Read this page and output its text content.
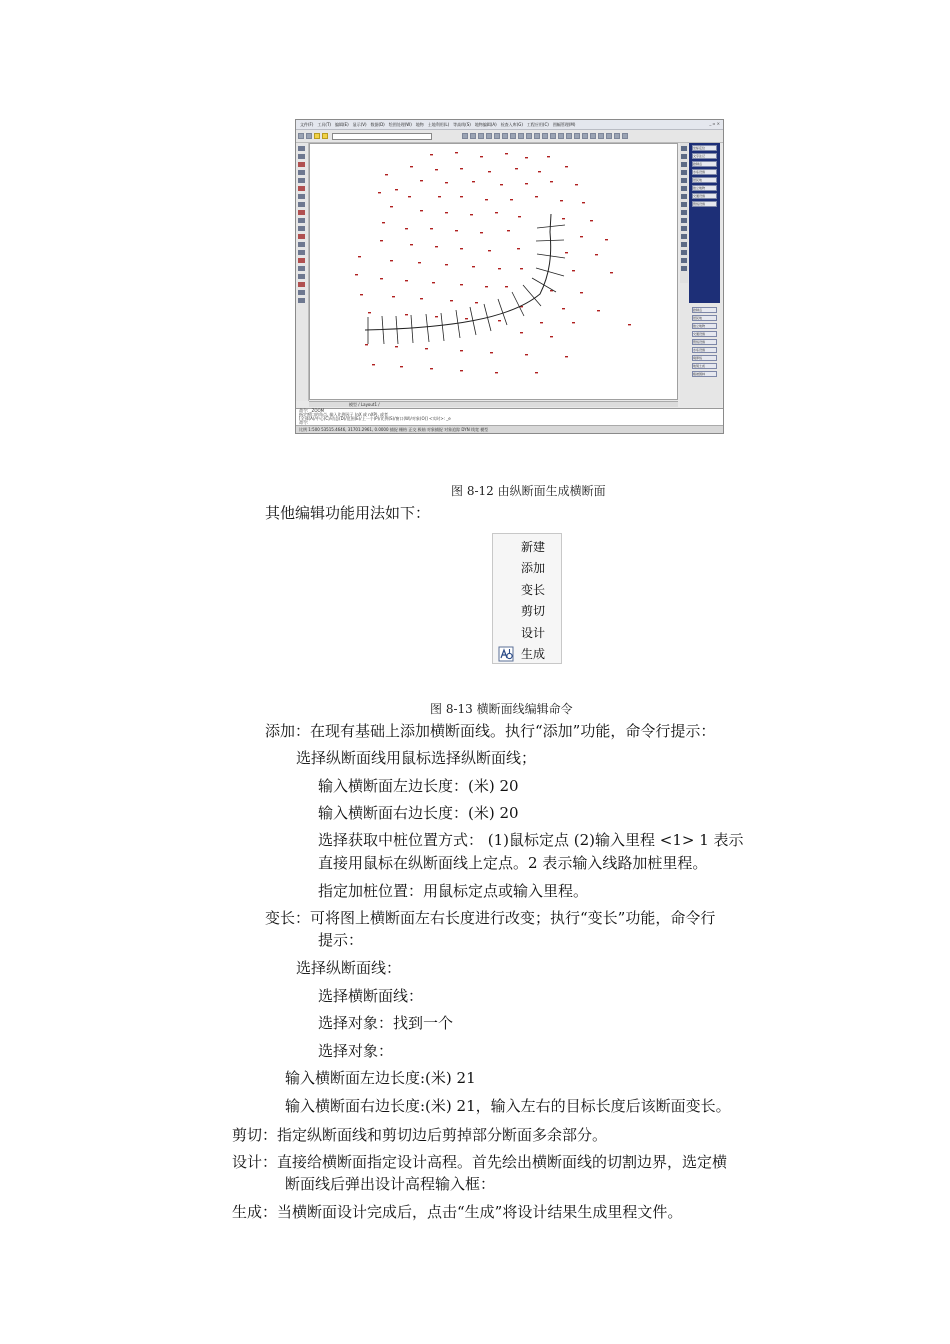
文件(F) 工具(T) 编辑(E) 显示(V) 数据(D) 绘图处理(W) 地物 土地利用(L) 等高线(S) 地物编辑(A) 检查入库(G) 工程应用(C) 图幅管理(M)	_ ▫ ×
模型 / Layout1 /
坐标定位
文字注记
控制点
水系设施
居民地
独立地物
交通设施
管线设施
控制点
居民地
独立地物
交通设施
管线设施
水系设施
境界线
地貌土质
植被园林
命令: _ZOOM
指定窗口的角点, 输入比例因子 (nX 或 nXP), 或者
[全部(A)/中心(C)/动态(D)/范围(E)/上一个(P)/比例(S)/窗口(W)/对象(O)] <实时>: _e
命令:
比例 1:500 53515.4646, 31701.2961, 0.0000 捕捉 栅格 正交 极轴 对象捕捉 对象追踪 DYN 线宽 模型
图 8-12 由纵断面生成横断面
其他编辑功能用法如下：
新建
添加
变长
剪切
设计
生成
图 8-13 横断面线编辑命令
添加：在现有基础上添加横断面线。执行“添加”功能，命令行提示：
选择纵断面线用鼠标选择纵断面线；
输入横断面左边长度：(米) 20
输入横断面右边长度：(米) 20
选择获取中桩位置方式： (1)鼠标定点 (2)输入里程 <1> 1 表示
直接用鼠标在纵断面线上定点。2 表示输入线路加桩里程。
指定加桩位置：用鼠标定点或输入里程。
变长：可将图上横断面左右长度进行改变；执行“变长”功能，命令行
提示：
选择纵断面线：
选择横断面线：
选择对象：找到一个
选择对象：
输入横断面左边长度:(米) 21
输入横断面右边长度:(米) 21，输入左右的目标长度后该断面变长。
剪切：指定纵断面线和剪切边后剪掉部分断面多余部分。
设计：直接给横断面指定设计高程。首先绘出横断面线的切割边界，选定横
断面线后弹出设计高程输入框：
生成：当横断面设计完成后，点击“生成”将设计结果生成里程文件。
